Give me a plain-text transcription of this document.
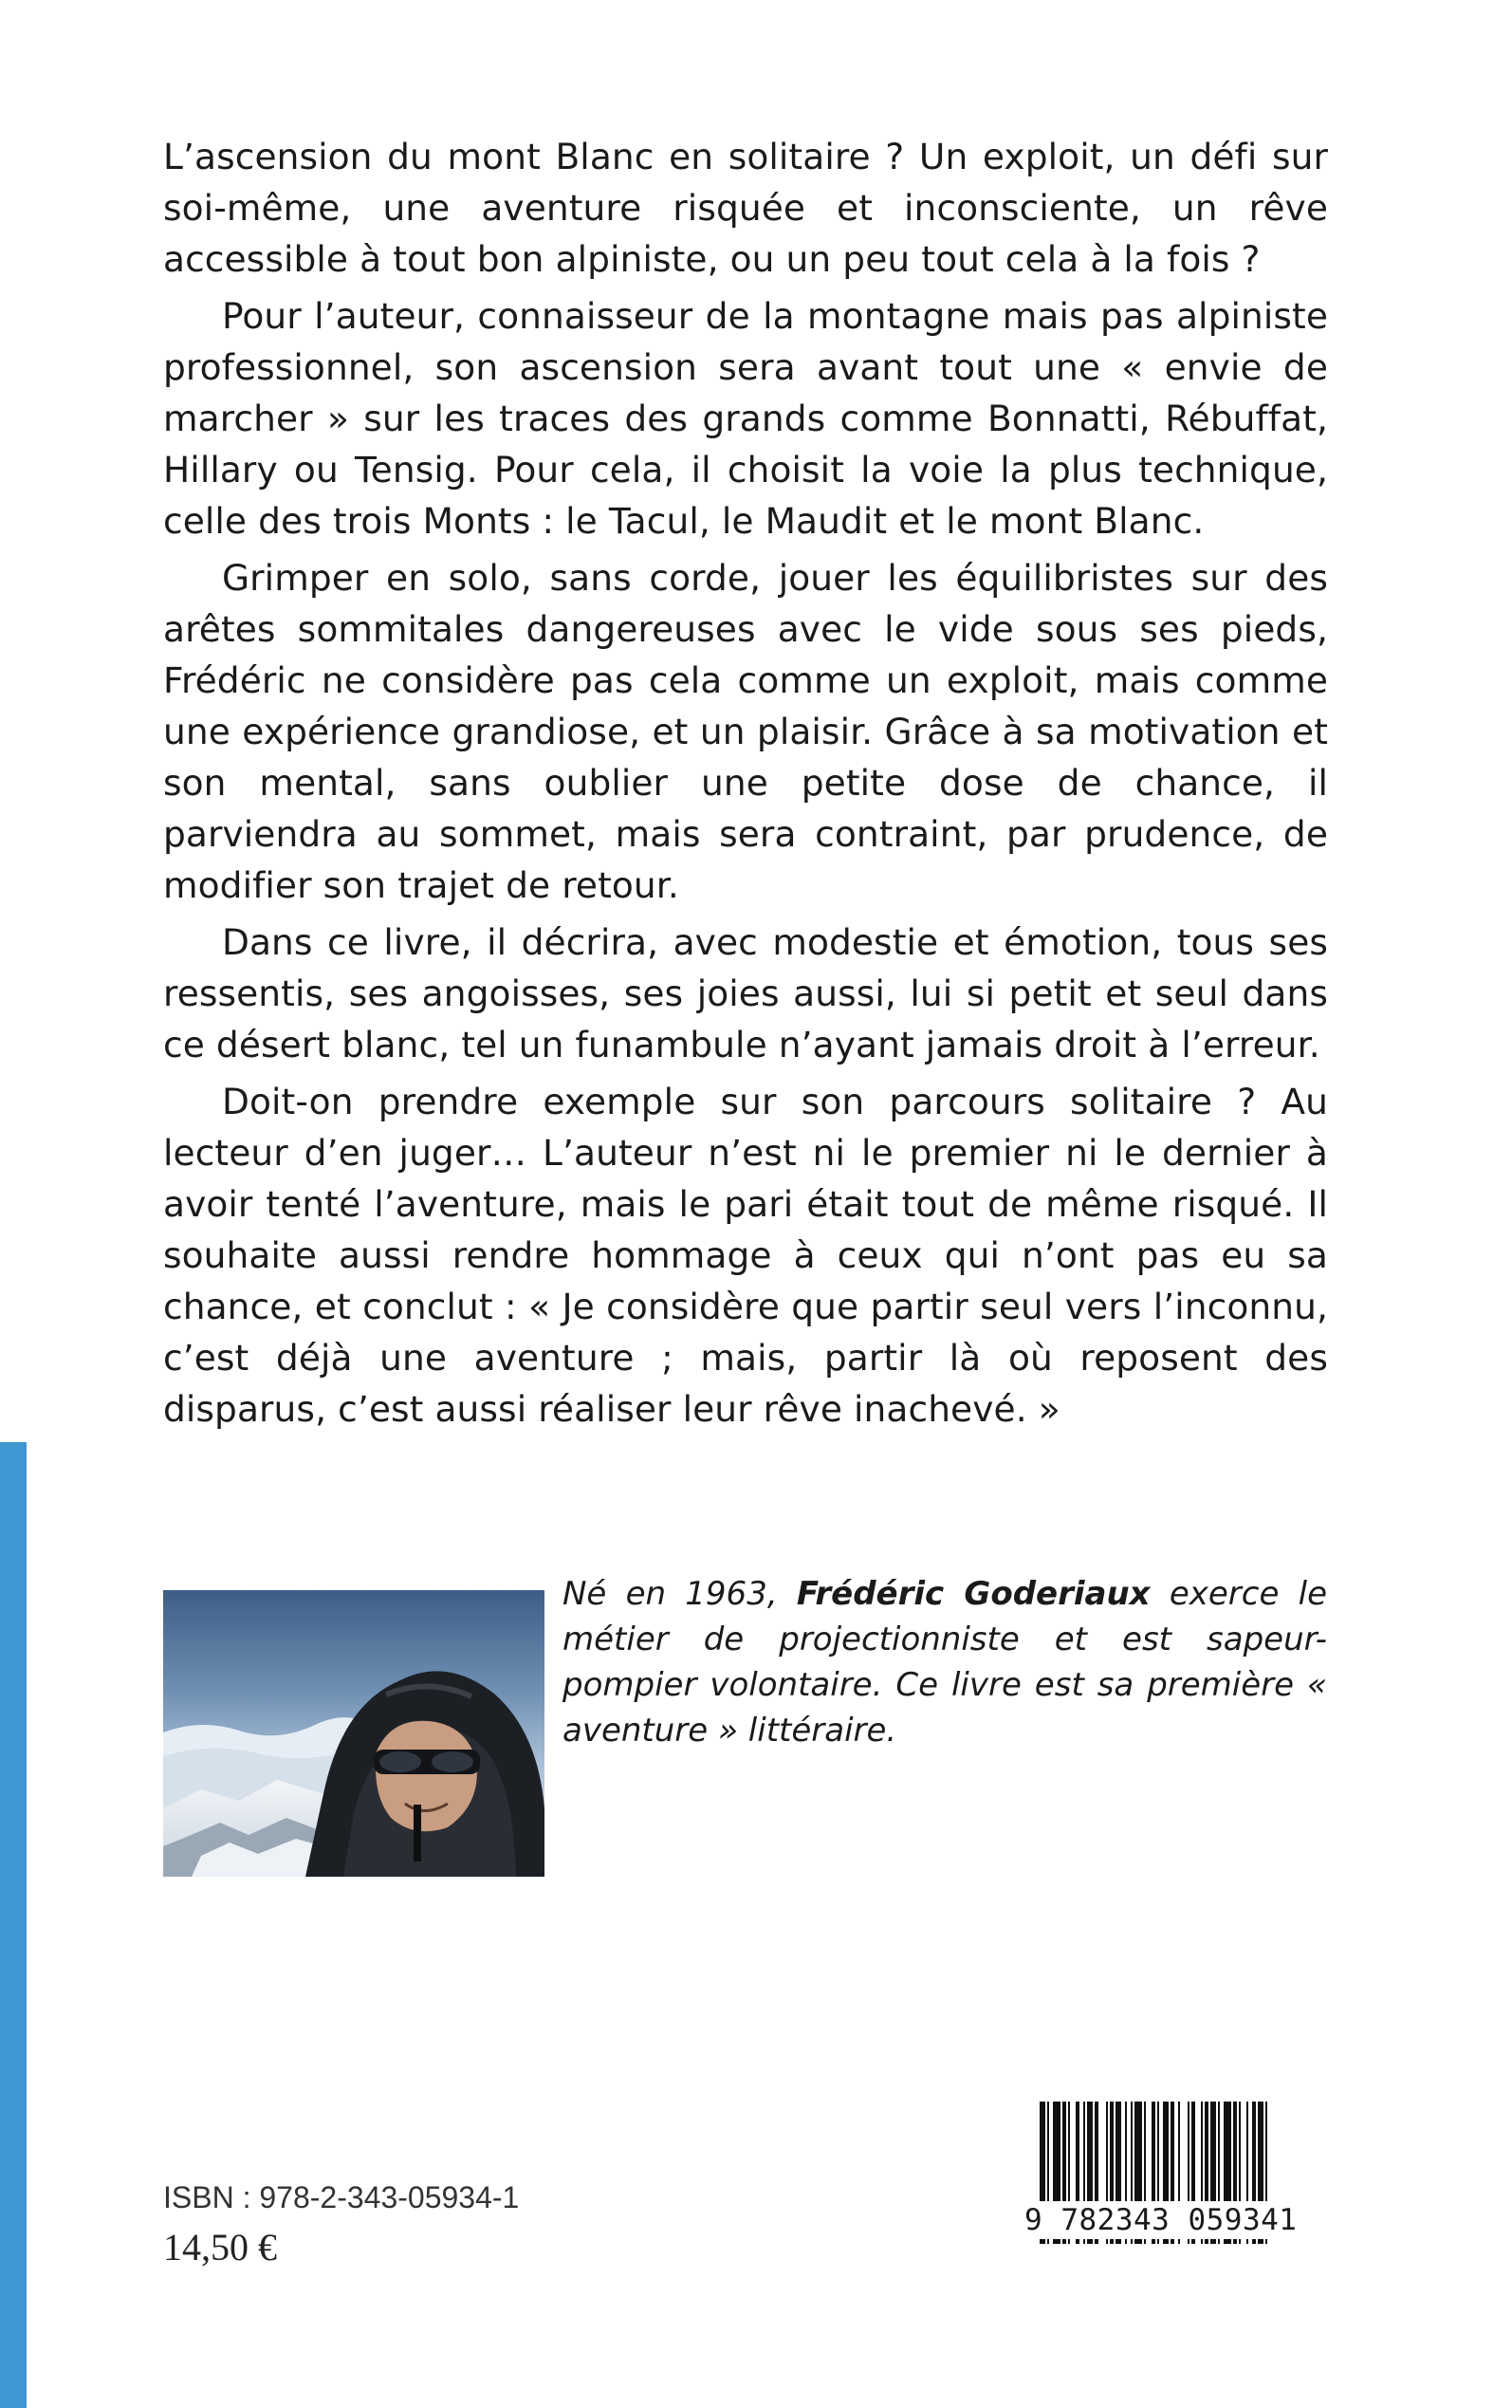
L’ascension du mont Blanc en solitaire ? Un exploit, un défi sur soi-même, une aventure risquée et inconsciente, un rêve accessible à tout bon alpiniste, ou un peu tout cela à la fois ?

Pour l’auteur, connaisseur de la montagne mais pas alpiniste professionnel, son ascension sera avant tout une « envie de marcher » sur les traces des grands comme Bonnatti, Rébuffat, Hillary ou Tensig. Pour cela, il choisit la voie la plus technique, celle des trois Monts : le Tacul, le Maudit et le mont Blanc.

Grimper en solo, sans corde, jouer les équilibristes sur des arêtes sommitales dangereuses avec le vide sous ses pieds, Frédéric ne considère pas cela comme un exploit, mais comme une expérience grandiose, et un plaisir. Grâce à sa motivation et son mental, sans oublier une petite dose de chance, il parviendra au sommet, mais sera contraint, par prudence, de modifier son trajet de retour.

Dans ce livre, il décrira, avec modestie et émotion, tous ses ressentis, ses angoisses, ses joies aussi, lui si petit et seul dans ce désert blanc, tel un funambule n’ayant jamais droit à l’erreur.

Doit-on prendre exemple sur son parcours solitaire ? Au lecteur d’en juger… L’auteur n’est ni le premier ni le dernier à avoir tenté l’aventure, mais le pari était tout de même risqué. Il souhaite aussi rendre hommage à ceux qui n’ont pas eu sa chance, et conclut : « Je considère que partir seul vers l’inconnu, c’est déjà une aventure ; mais, partir là où reposent des disparus, c’est aussi réaliser leur rêve inachevé. »

Né en 1963, Frédéric Goderiaux exerce le métier de projectionniste et est sapeur-pompier volontaire. Ce livre est sa première « aventure » littéraire.
9 782343 059341
ISBN : 978-2-343-05934-1
14,50 €
